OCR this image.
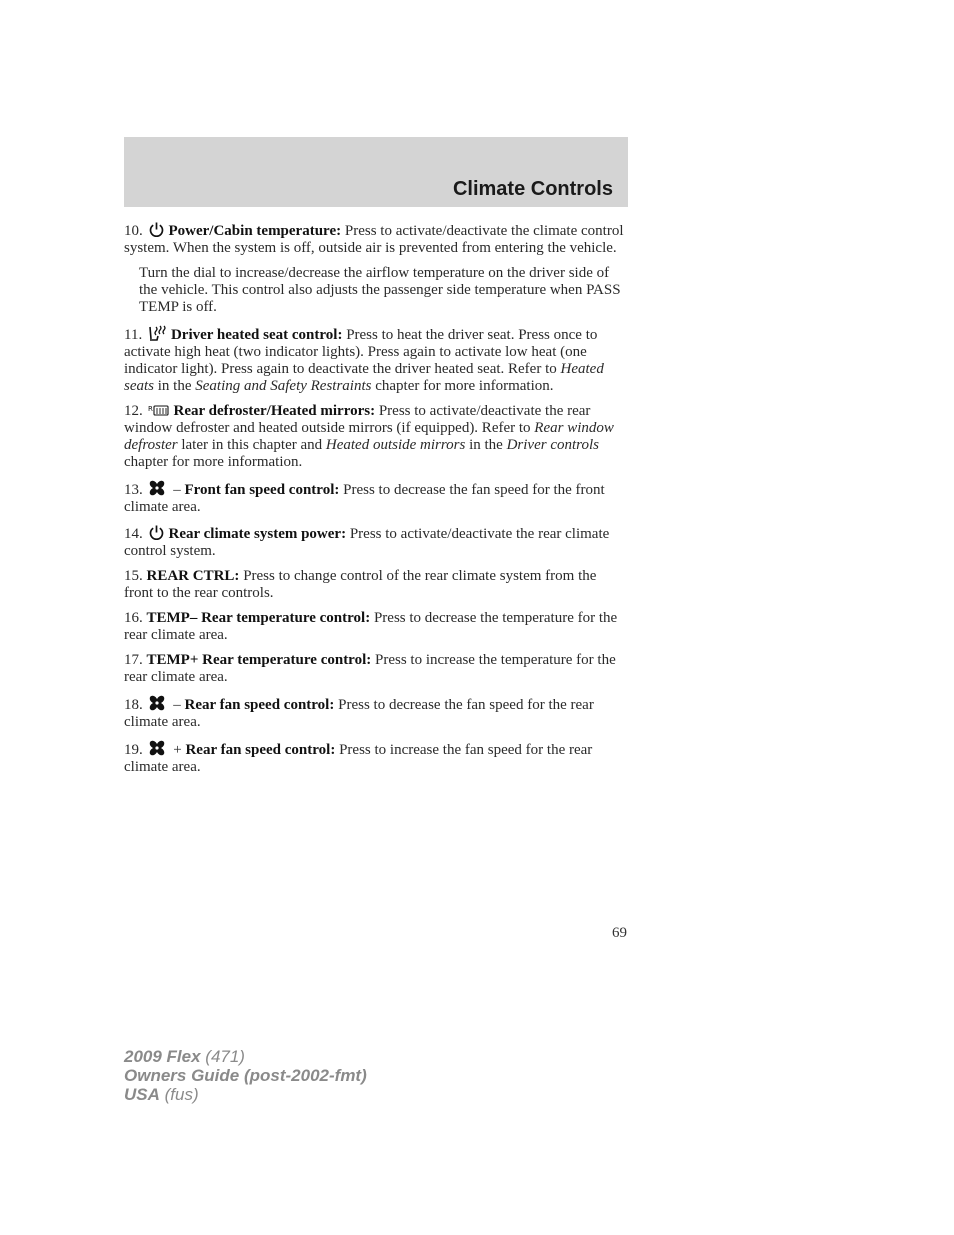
Climate Controls

10. Power/Cabin temperature: Press to activate/deactivate the climate control system. When the system is off, outside air is prevented from entering the vehicle.

Turn the dial to increase/decrease the airflow temperature on the driver side of the vehicle. This control also adjusts the passenger side temperature when PASS TEMP is off.

11. Driver heated seat control: Press to heat the driver seat. Press once to activate high heat (two indicator lights). Press again to activate low heat (one indicator light). Press again to deactivate the driver heated seat. Refer to Heated seats in the Seating and Safety Restraints chapter for more information.

12. R Rear defroster/Heated mirrors: Press to activate/deactivate the rear window defroster and heated outside mirrors (if equipped). Refer to Rear window defroster later in this chapter and Heated outside mirrors in the Driver controls chapter for more information.

13.
– Front fan speed control: Press to decrease the fan speed for the front climate area.

14. Rear climate system power: Press to activate/deactivate the rear climate control system.

15. REAR CTRL: Press to change control of the rear climate system from the front to the rear controls.

16. TEMP– Rear temperature control: Press to decrease the temperature for the rear climate area.

17. TEMP+ Rear temperature control: Press to increase the temperature for the rear climate area.

18.
– Rear fan speed control: Press to decrease the fan speed for the rear climate area.

19.
+ Rear fan speed control: Press to increase the fan speed for the rear climate area.

69
2009 Flex (471)
Owners Guide (post-2002-fmt)
USA (fus)
